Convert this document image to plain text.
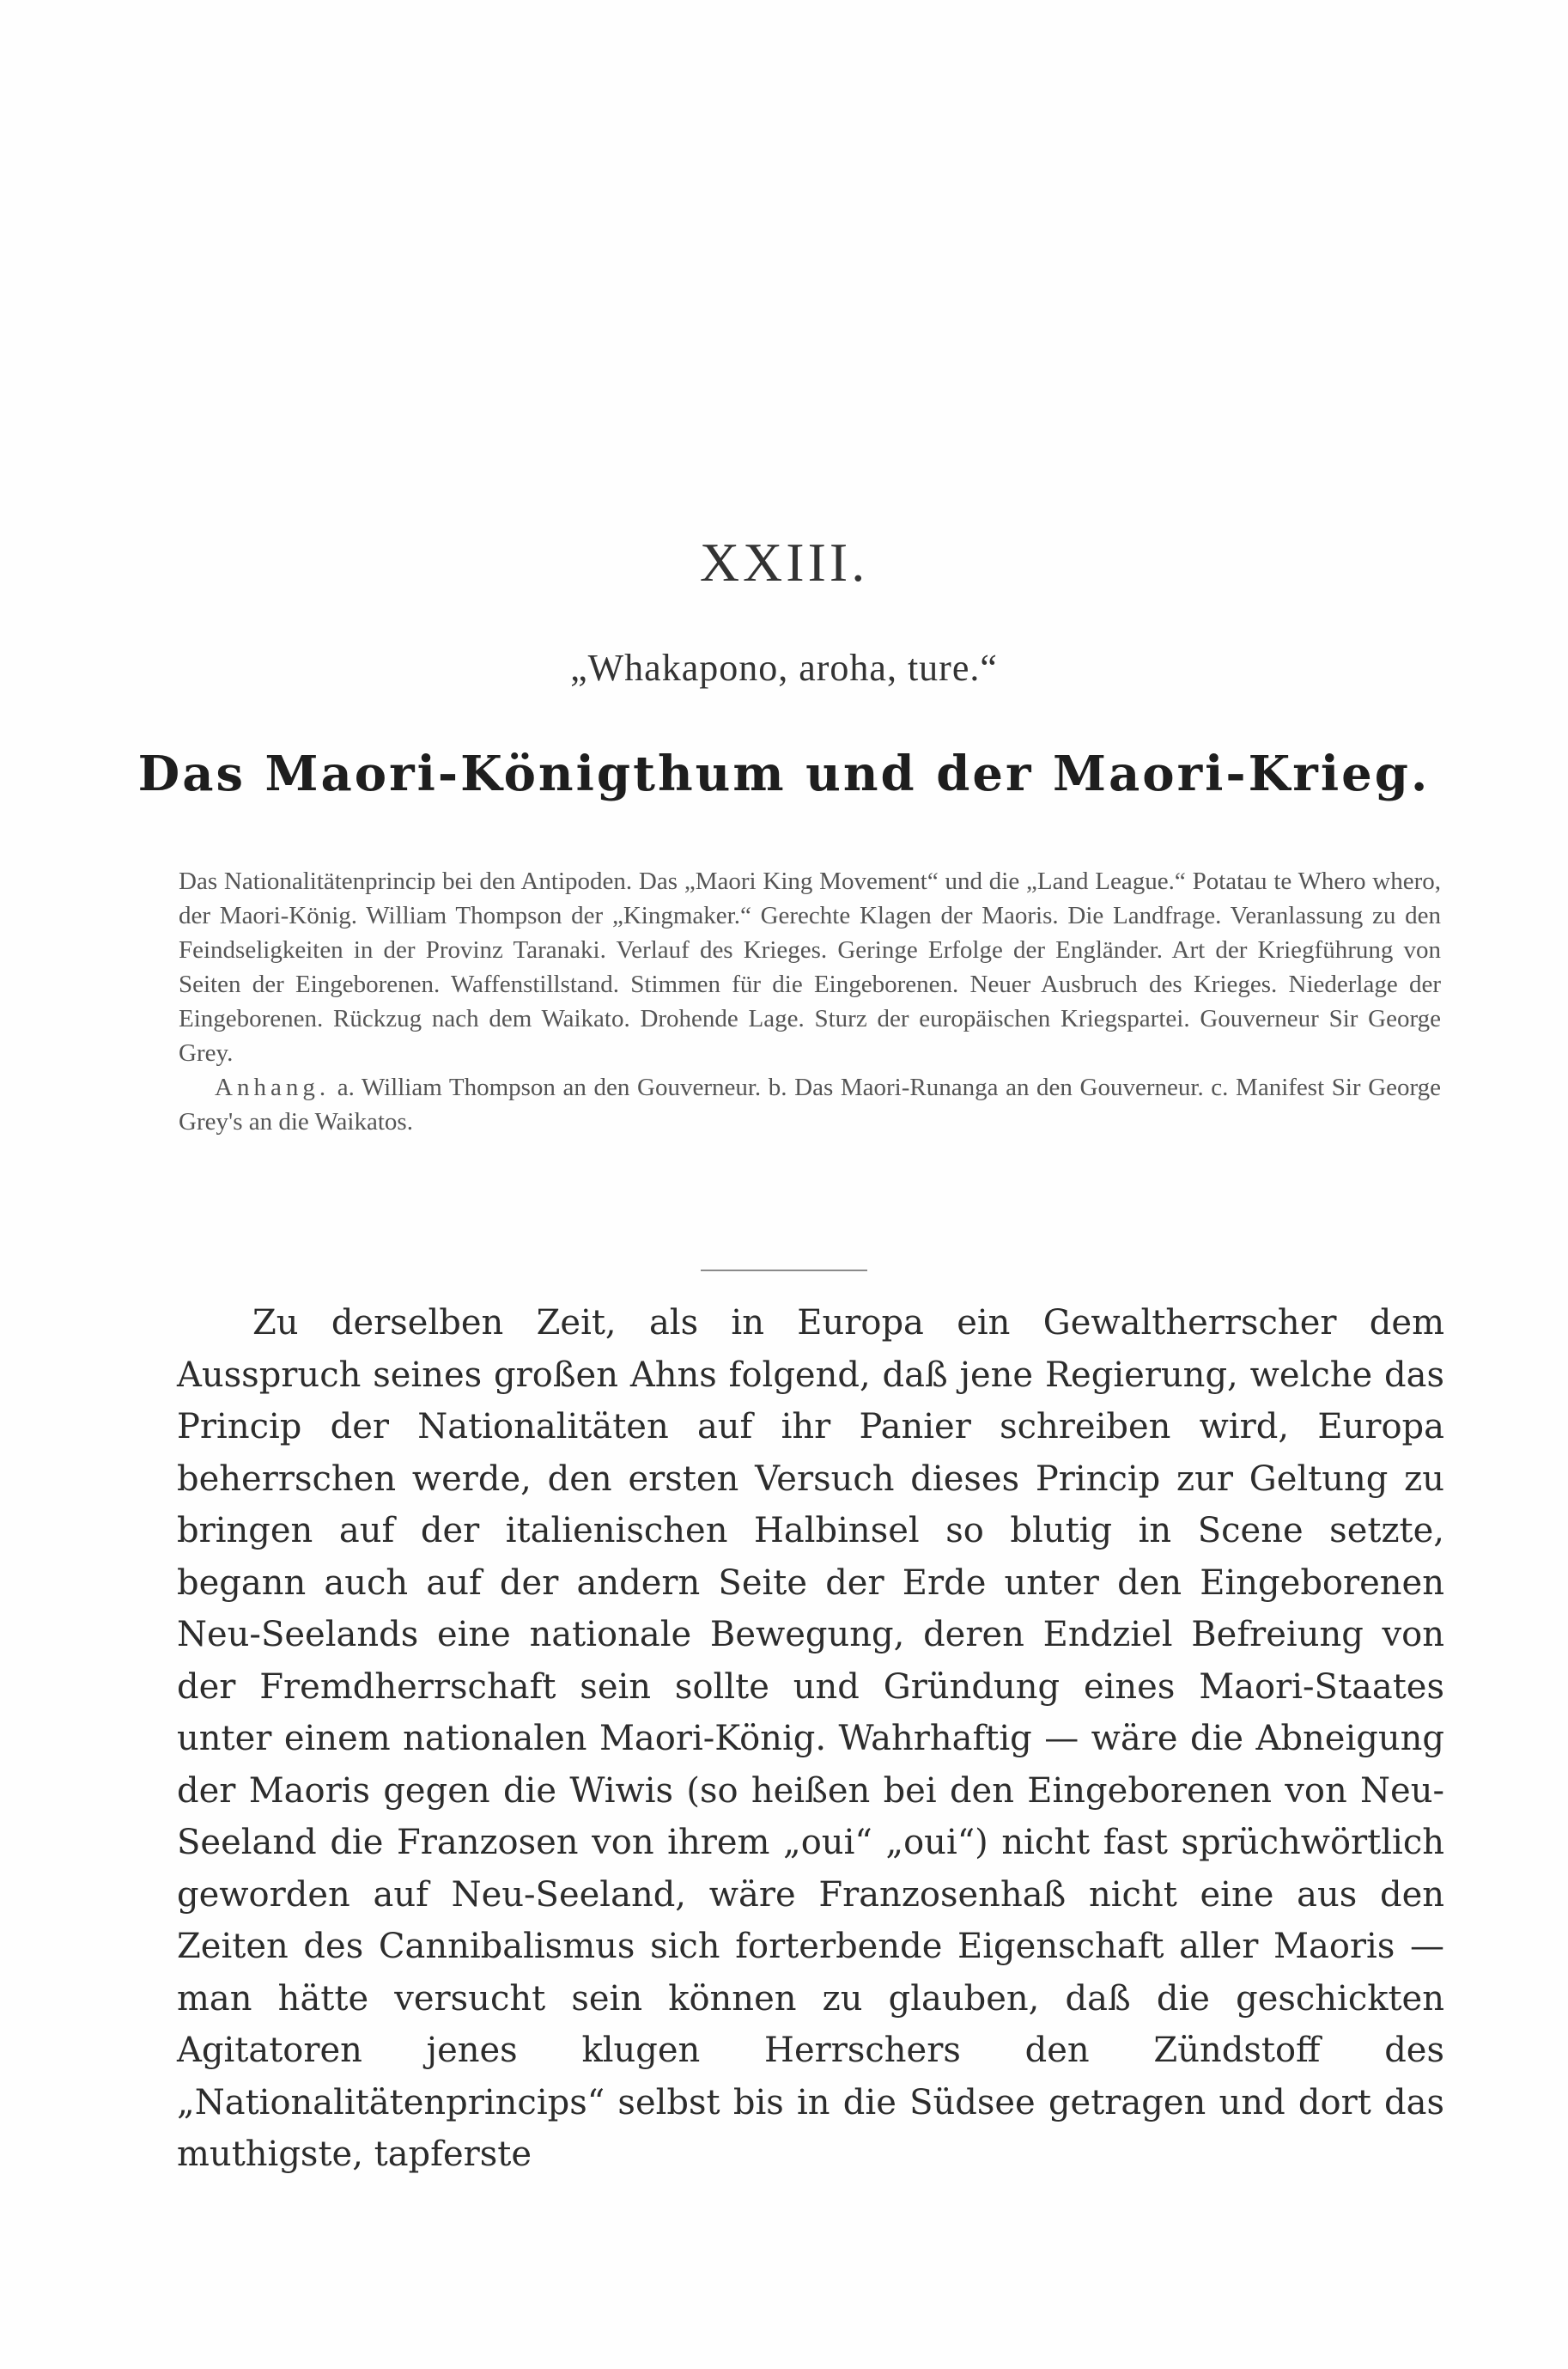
XXIII.
„Whakapono, aroha, ture.“
Das Maori-Königthum und der Maori-Krieg.

Das Nationalitätenprincip bei den Antipoden. Das „Maori King Movement“ und die „Land League.“ Potatau te Whero whero, der Maori-König. William Thompson der „Kingmaker.“ Gerechte Klagen der Maoris. Die Landfrage. Veranlassung zu den Feindseligkeiten in der Provinz Taranaki. Verlauf des Krieges. Geringe Erfolge der Engländer. Art der Kriegführung von Seiten der Eingeborenen. Waffenstillstand. Stimmen für die Eingeborenen. Neuer Ausbruch des Krieges. Niederlage der Eingeborenen. Rückzug nach dem Waikato. Drohende Lage. Sturz der europäischen Kriegspartei. Gouverneur Sir George Grey.

Anhang. a. William Thompson an den Gouverneur. b. Das Maori-Runanga an den Gouverneur. c. Manifest Sir George Grey's an die Waikatos.

Zu derselben Zeit, als in Europa ein Gewaltherrscher dem Ausspruch seines großen Ahns folgend, daß jene Regierung, welche das Princip der Nationalitäten auf ihr Panier schreiben wird, Europa beherrschen werde, den ersten Versuch dieses Princip zur Geltung zu bringen auf der italienischen Halbinsel so blutig in Scene setzte, begann auch auf der andern Seite der Erde unter den Eingeborenen Neu-Seelands eine nationale Bewegung, deren Endziel Befreiung von der Fremdherrschaft sein sollte und Gründung eines Maori-Staates unter einem nationalen Maori-König. Wahrhaftig — wäre die Abneigung der Maoris gegen die Wiwis (so heißen bei den Eingeborenen von Neu-Seeland die Franzosen von ihrem „oui“ „oui“) nicht fast sprüchwörtlich geworden auf Neu-Seeland, wäre Franzosenhaß nicht eine aus den Zeiten des Cannibalismus sich forterbende Eigenschaft aller Maoris — man hätte versucht sein können zu glauben, daß die geschickten Agitatoren jenes klugen Herrschers den Zündstoff des „Nationalitätenprincips“ selbst bis in die Südsee getragen und dort das muthigste, tapferste
